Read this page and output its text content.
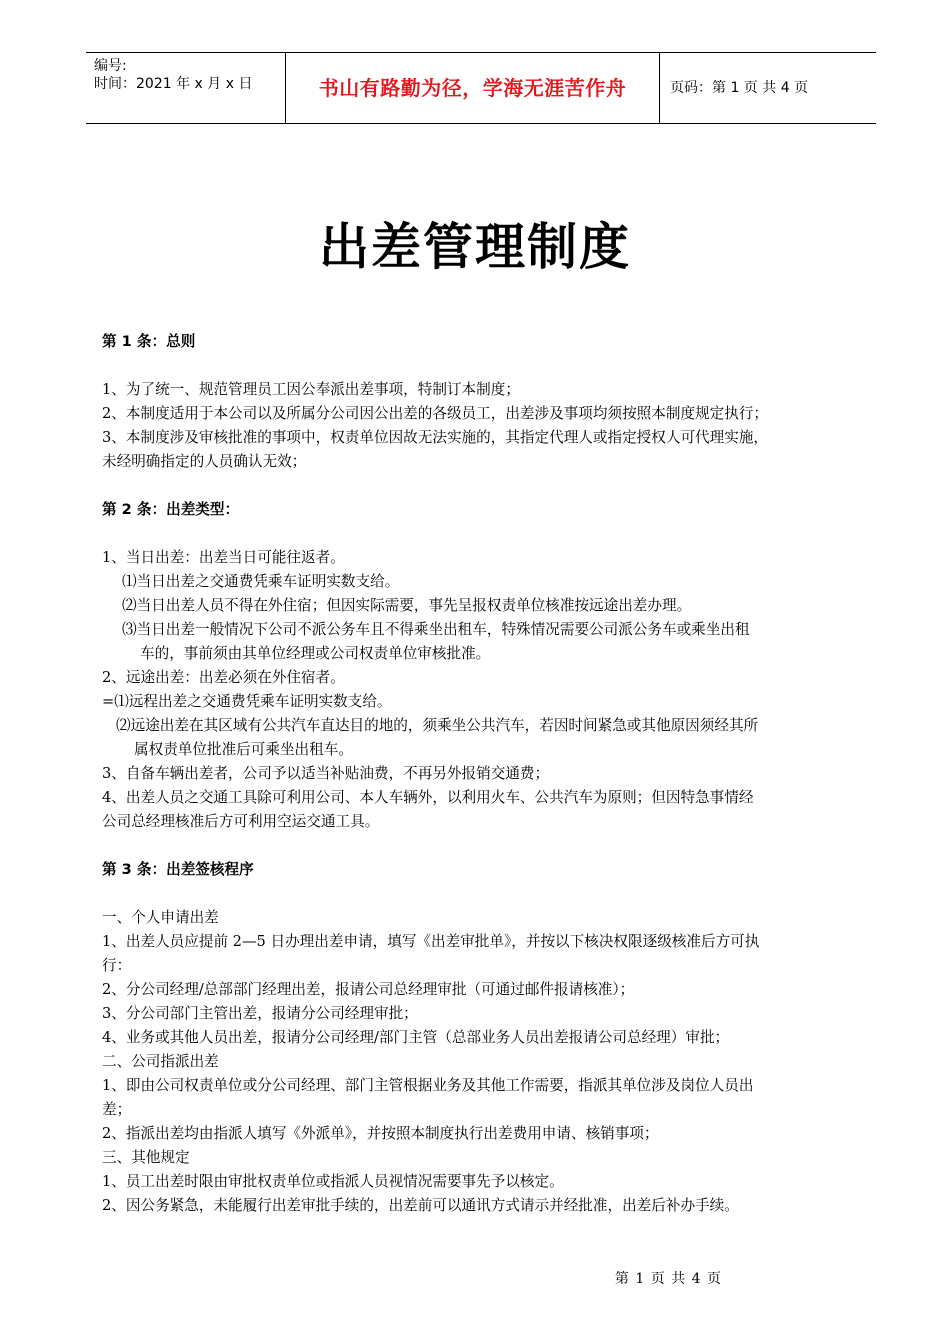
编号:
时间：2021 年 x 月 x 日	书山有路勤为径，学海无涯苦作舟	页码：第 1 页 共 4 页
出差管理制度

第 1 条：总则

1、为了统一、规范管理员工因公奉派出差事项，特制订本制度；

2、本制度适用于本公司以及所属分公司因公出差的各级员工，出差涉及事项均须按照本制度规定执行；

3、本制度涉及审核批准的事项中，权责单位因故无法实施的，其指定代理人或指定授权人可代理实施，

未经明确指定的人员确认无效；

第 2 条：出差类型：

1、当日出差：出差当日可能往返者。

⑴当日出差之交通费凭乘车证明实数支给。

⑵当日出差人员不得在外住宿；但因实际需要，事先呈报权责单位核准按远途出差办理。

⑶当日出差一般情况下公司不派公务车且不得乘坐出租车，特殊情况需要公司派公务车或乘坐出租

车的，事前须由其单位经理或公司权责单位审核批准。

2、远途出差：出差必须在外住宿者。

=⑴远程出差之交通费凭乘车证明实数支给。

⑵远途出差在其区域有公共汽车直达目的地的，须乘坐公共汽车，若因时间紧急或其他原因须经其所

属权责单位批准后可乘坐出租车。

3、自备车辆出差者，公司予以适当补贴油费，不再另外报销交通费；

4、出差人员之交通工具除可利用公司、本人车辆外，以利用火车、公共汽车为原则；但因特急事情经

公司总经理核准后方可利用空运交通工具。

第 3 条：出差签核程序

一、个人申请出差

1、出差人员应提前 2—5 日办理出差申请，填写《出差审批单》，并按以下核决权限逐级核准后方可执

行：

2、分公司经理/总部部门经理出差，报请公司总经理审批（可通过邮件报请核准）；

3、分公司部门主管出差，报请分公司经理审批；

4、业务或其他人员出差，报请分公司经理/部门主管（总部业务人员出差报请公司总经理）审批；

二、公司指派出差

1、即由公司权责单位或分公司经理、部门主管根据业务及其他工作需要，指派其单位涉及岗位人员出

差；

2、指派出差均由指派人填写《外派单》，并按照本制度执行出差费用申请、核销事项；

三、其他规定

1、员工出差时限由审批权责单位或指派人员视情况需要事先予以核定。

2、因公务紧急，未能履行出差审批手续的，出差前可以通讯方式请示并经批准，出差后补办手续。

第 1 页 共 4 页
